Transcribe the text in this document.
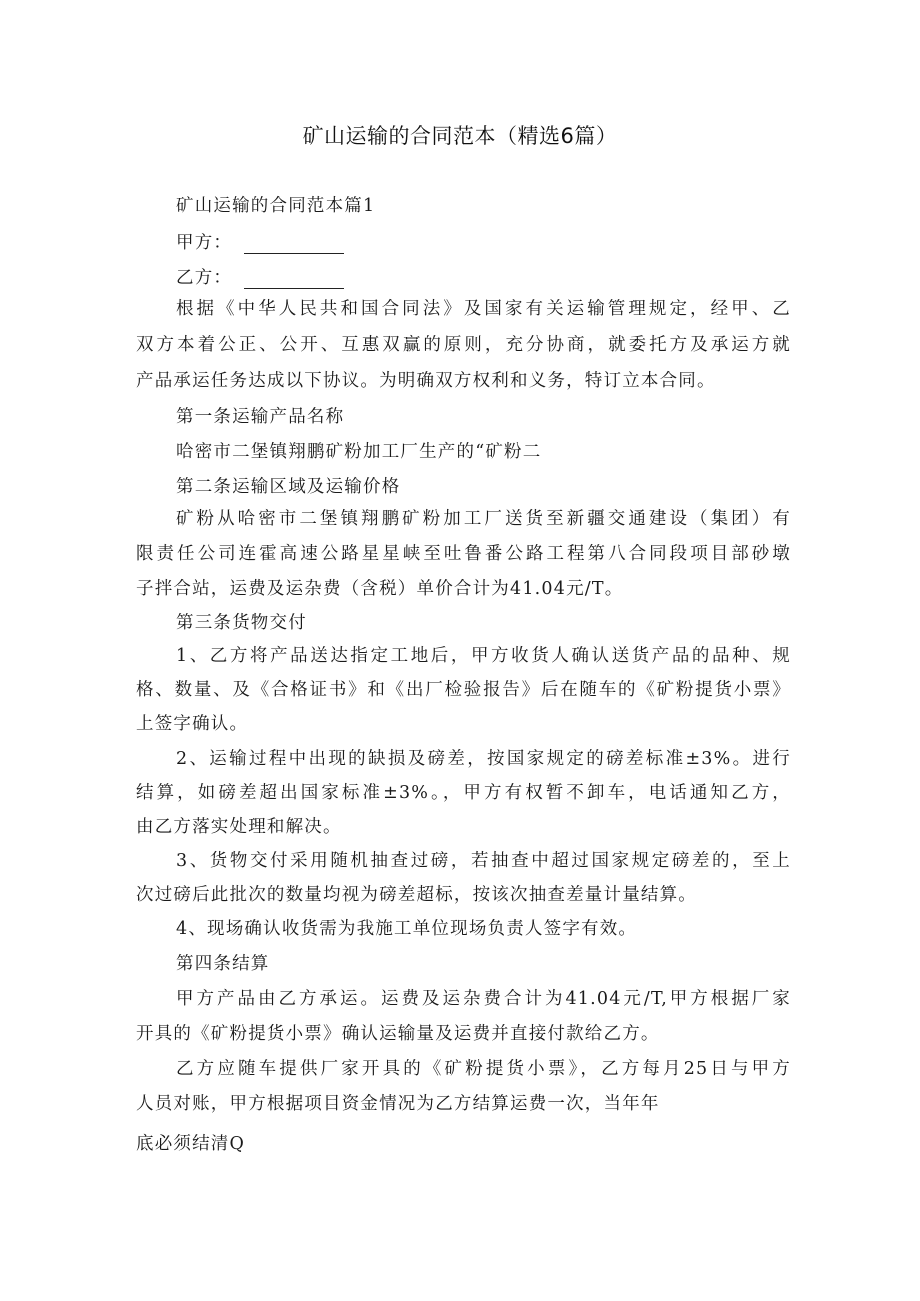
矿山运输的合同范本（精选6篇）
矿山运输的合同范本篇1
甲方：
乙方：
根据《中华人民共和国合同法》及国家有关运输管理规定，经甲、乙
双方本着公正、公开、互惠双赢的原则，充分协商，就委托方及承运方就
产品承运任务达成以下协议。为明确双方权利和义务，特订立本合同。
第一条运输产品名称
哈密市二堡镇翔鹏矿粉加工厂生产的“矿粉二
第二条运输区域及运输价格
矿粉从哈密市二堡镇翔鹏矿粉加工厂送货至新疆交通建设（集团）有
限责任公司连霍高速公路星星峡至吐鲁番公路工程第八合同段项目部砂墩
子拌合站，运费及运杂费（含税）单价合计为41.04元/T。
第三条货物交付
1、乙方将产品送达指定工地后，甲方收货人确认送货产品的品种、规
格、数量、及《合格证书》和《出厂检验报告》后在随车的《矿粉提货小票》
上签字确认。
2、运输过程中出现的缺损及磅差，按国家规定的磅差标准±3%。进行
结算，如磅差超出国家标准±3%。，甲方有权暂不卸车，电话通知乙方，
由乙方落实处理和解决。
3、货物交付采用随机抽查过磅，若抽查中超过国家规定磅差的，至上
次过磅后此批次的数量均视为磅差超标，按该次抽查差量计量结算。
4、现场确认收货需为我施工单位现场负责人签字有效。
第四条结算
甲方产品由乙方承运。运费及运杂费合计为41.04元/T,甲方根据厂家
开具的《矿粉提货小票》确认运输量及运费并直接付款给乙方。
乙方应随车提供厂家开具的《矿粉提货小票》，乙方每月25日与甲方
人员对账，甲方根据项目资金情况为乙方结算运费一次，当年年
底必须结清Q
